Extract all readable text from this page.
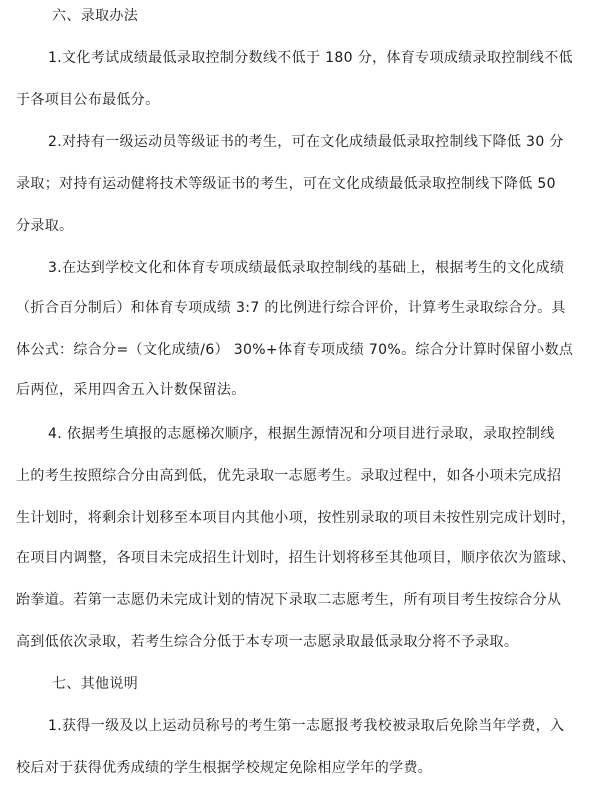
六、录取办法
1.文化考试成绩最低录取控制分数线不低于 180 分，体育专项成绩录取控制线不低
于各项目公布最低分。
2.对持有一级运动员等级证书的考生，可在文化成绩最低录取控制线下降低 30 分
录取；对持有运动健将技术等级证书的考生，可在文化成绩最低录取控制线下降低 50
分录取。
3.在达到学校文化和体育专项成绩最低录取控制线的基础上，根据考生的文化成绩
（折合百分制后）和体育专项成绩 3:7 的比例进行综合评价，计算考生录取综合分。具
体公式：综合分=（文化成绩/6） 30%+体育专项成绩 70%。综合分计算时保留小数点
后两位，采用四舍五入计数保留法。
4. 依据考生填报的志愿梯次顺序，根据生源情况和分项目进行录取，录取控制线
上的考生按照综合分由高到低，优先录取一志愿考生。录取过程中，如各小项未完成招
生计划时，将剩余计划移至本项目内其他小项，按性别录取的项目未按性别完成计划时，
在项目内调整，各项目未完成招生计划时，招生计划将移至其他项目，顺序依次为篮球、
跆拳道。若第一志愿仍未完成计划的情况下录取二志愿考生，所有项目考生按综合分从
高到低依次录取，若考生综合分低于本专项一志愿录取最低录取分将不予录取。
七、其他说明
1.获得一级及以上运动员称号的考生第一志愿报考我校被录取后免除当年学费，入
校后对于获得优秀成绩的学生根据学校规定免除相应学年的学费。
